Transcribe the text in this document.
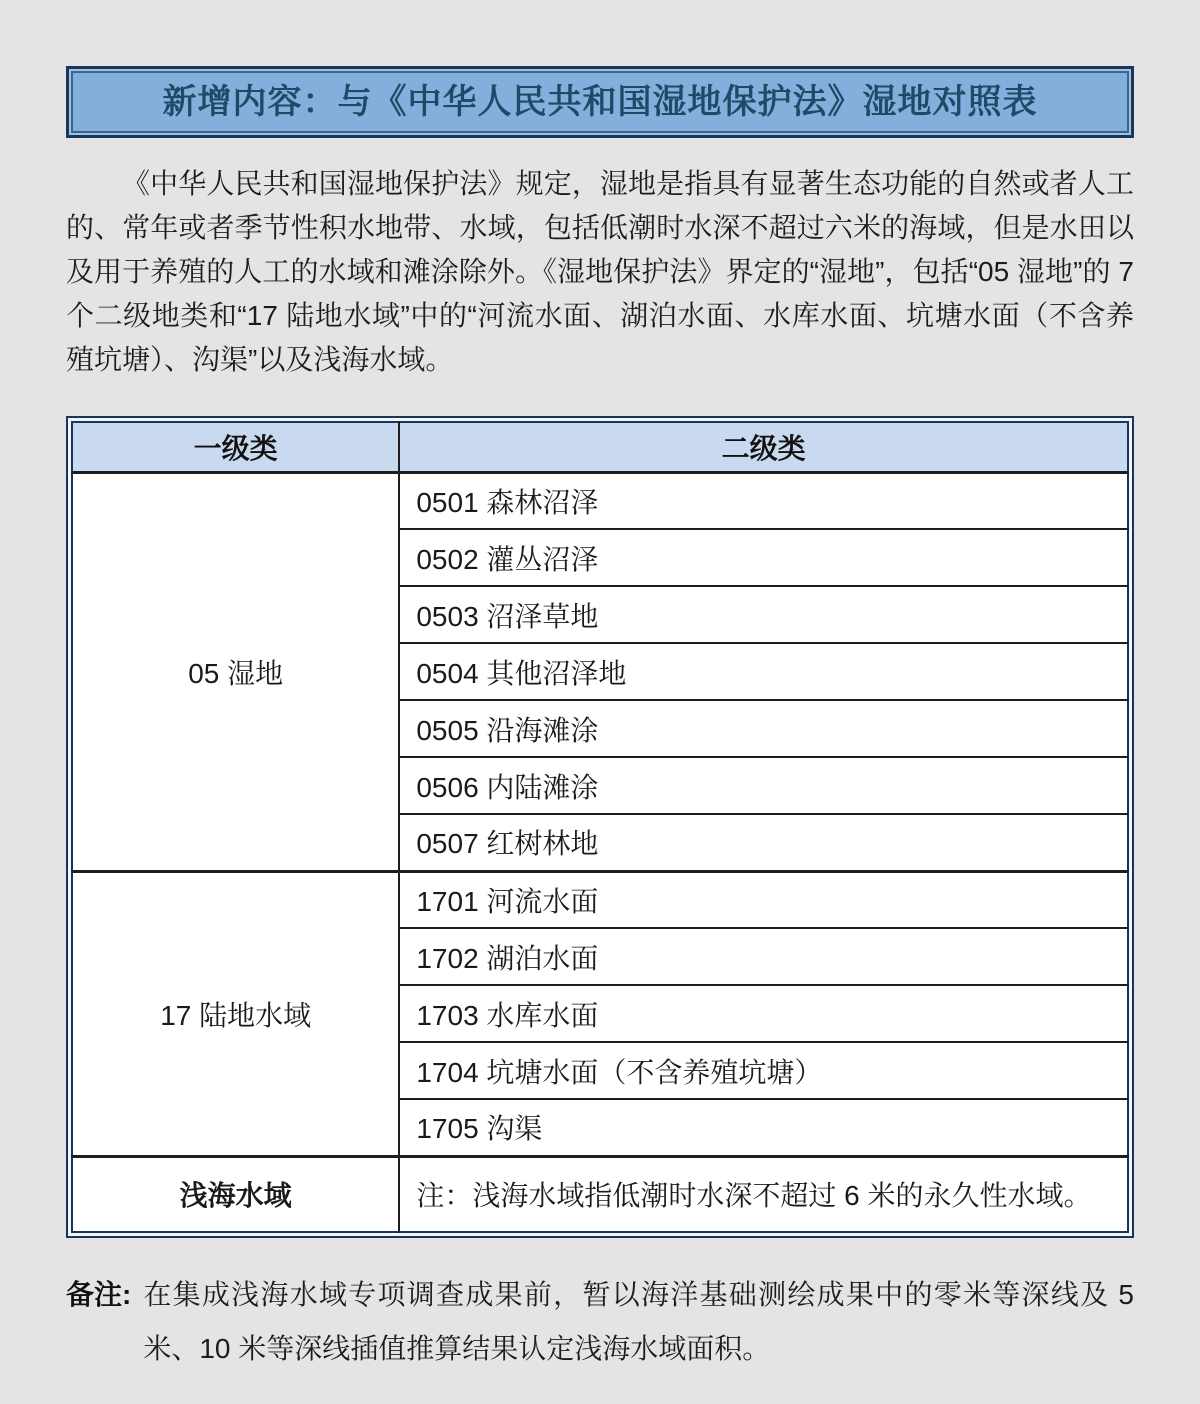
新增内容：与《中华人民共和国湿地保护法》湿地对照表

《中华人民共和国湿地保护法》规定，湿地是指具有显著生态功能的自然或者人工的、常年或者季节性积水地带、水域，包括低潮时水深不超过六米的海域，但是水田以及用于养殖的人工的水域和滩涂除外。《湿地保护法》界定的“湿地”，包括“05 湿地”的 7 个二级地类和“17 陆地水域”中的“河流水面、湖泊水面、水库水面、坑塘水面（不含养殖坑塘）、沟渠”以及浅海水域。

一级类	二级类
05 湿地	0501 森林沼泽
	0502 灌丛沼泽
	0503 沼泽草地
	0504 其他沼泽地
	0505 沿海滩涂
	0506 内陆滩涂
	0507 红树林地
17 陆地水域	1701 河流水面
	1702 湖泊水面
	1703 水库水面
	1704 坑塘水面（不含养殖坑塘）
	1705 沟渠
浅海水域	注：浅海水域指低潮时水深不超过 6 米的永久性水域。
备注: 在集成浅海水域专项调查成果前，暂以海洋基础测绘成果中的零米等深线及 5 米、10 米等深线插值推算结果认定浅海水域面积。
